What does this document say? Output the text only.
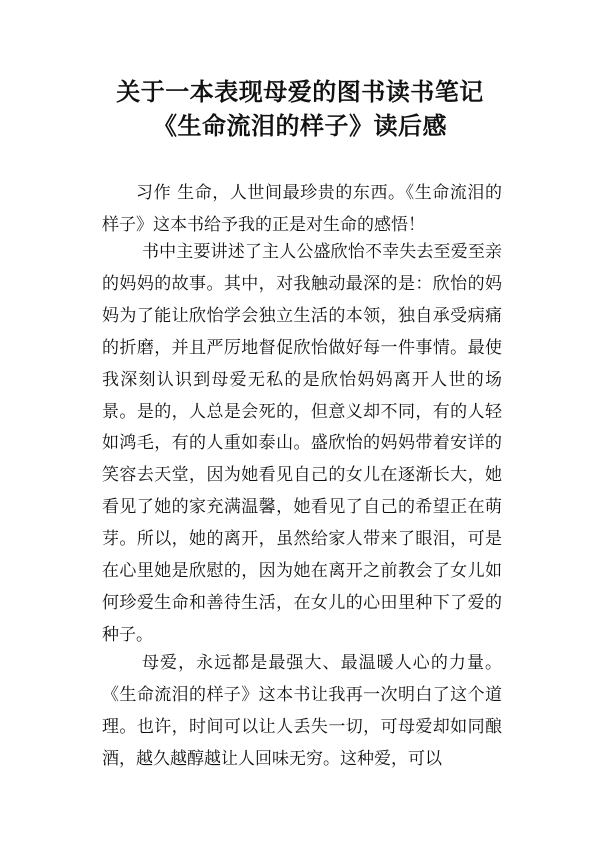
关于一本表现母爱的图书读书笔记
《生命流泪的样子》读后感

习作 生命，人世间最珍贵的东西。《生命流泪的样子》这本书给予我的正是对生命的感悟！

书中主要讲述了主人公盛欣怡不幸失去至爱至亲的妈妈的故事。其中，对我触动最深的是：欣怡的妈妈为了能让欣怡学会独立生活的本领，独自承受病痛的折磨，并且严厉地督促欣怡做好每一件事情。最使我深刻认识到母爱无私的是欣怡妈妈离开人世的场景。是的，人总是会死的，但意义却不同，有的人轻如鸿毛，有的人重如泰山。盛欣怡的妈妈带着安详的笑容去天堂，因为她看见自己的女儿在逐渐长大，她看见了她的家充满温馨，她看见了自己的希望正在萌芽。所以，她的离开，虽然给家人带来了眼泪，可是在心里她是欣慰的，因为她在离开之前教会了女儿如何珍爱生命和善待生活，在女儿的心田里种下了爱的种子。

母爱，永远都是最强大、最温暖人心的力量。《生命流泪的样子》这本书让我再一次明白了这个道理。也许，时间可以让人丢失一切，可母爱却如同酿酒，越久越醇越让人回味无穷。这种爱，可以
